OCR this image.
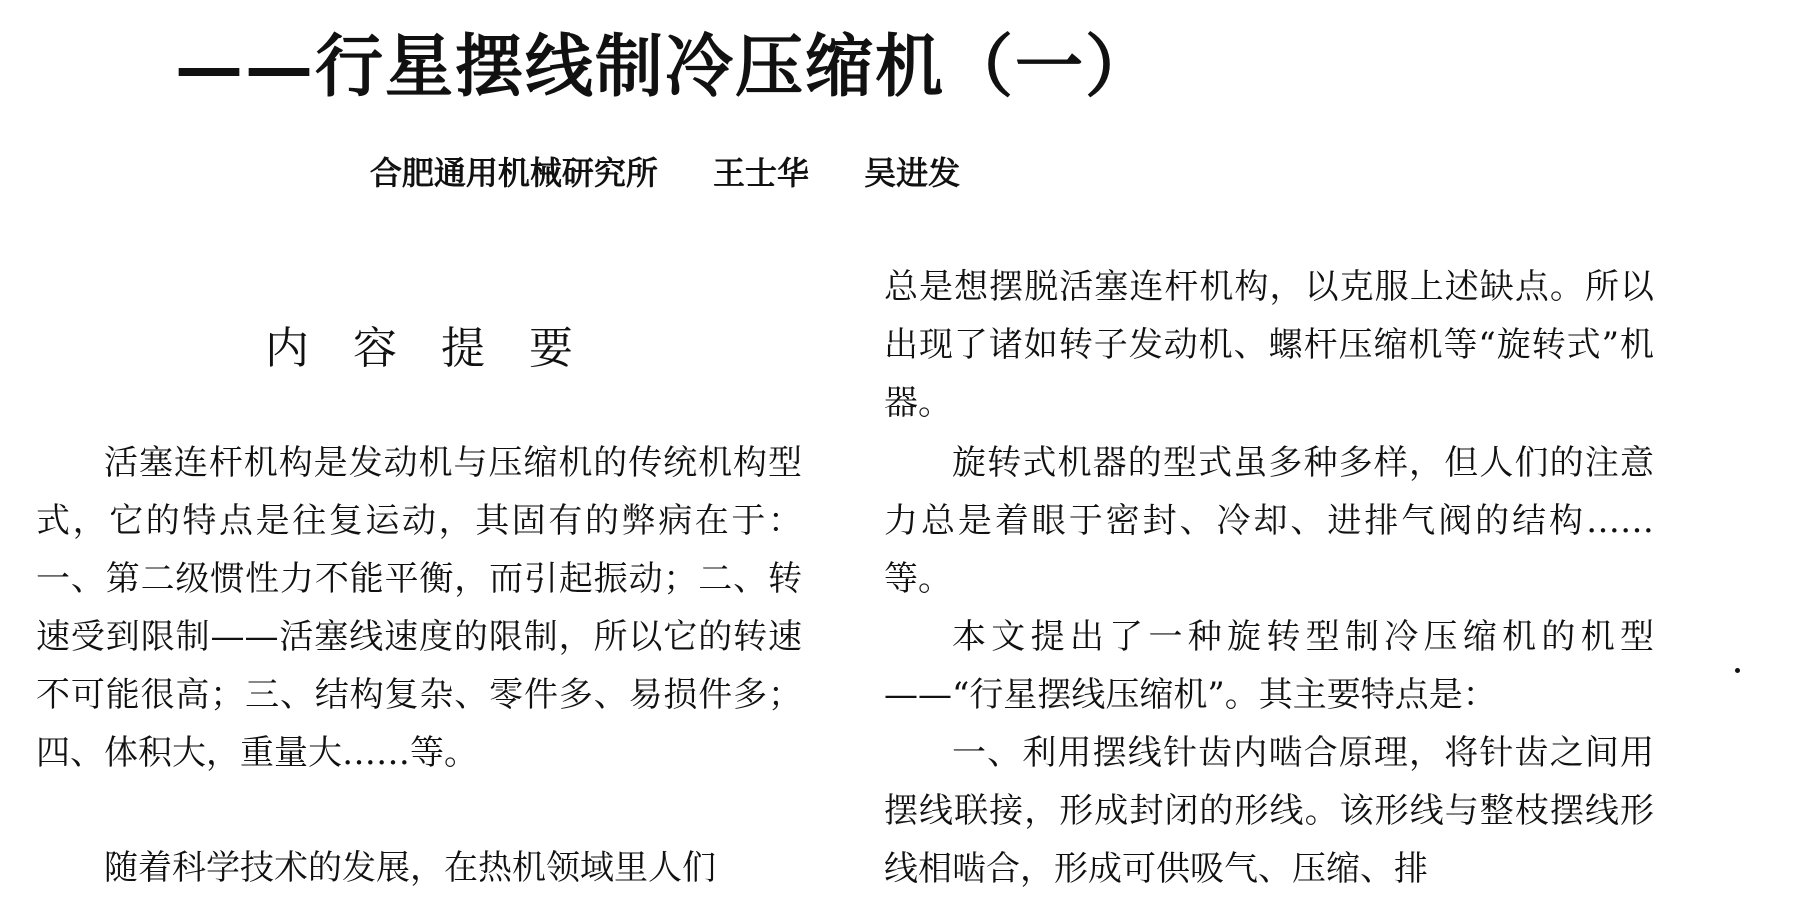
——行星摆线制冷压缩机（一）
合肥通用机械研究所 王士华 吴进发
内容提要

活塞连杆机构是发动机与压缩机的传统机构型式，它的特点是往复运动，其固有的弊病在于：一、第二级惯性力不能平衡，而引起振动；二、转速受到限制——活塞线速度的限制，所以它的转速不可能很高；三、结构复杂、零件多、易损件多；四、体积大，重量大……等。

随着科学技术的发展，在热机领域里人们

总是想摆脱活塞连杆机构，以克服上述缺点。所以出现了诸如转子发动机、螺杆压缩机等“旋转式”机器。

旋转式机器的型式虽多种多样，但人们的注意力总是着眼于密封、冷却、进排气阀的结构……等。

本文提出了一种旋转型制冷压缩机的机型——“行星摆线压缩机”。其主要特点是：

一、利用摆线针齿内啮合原理，将针齿之间用摆线联接，形成封闭的形线。该形线与整枝摆线形线相啮合，形成可供吸气、压缩、排
